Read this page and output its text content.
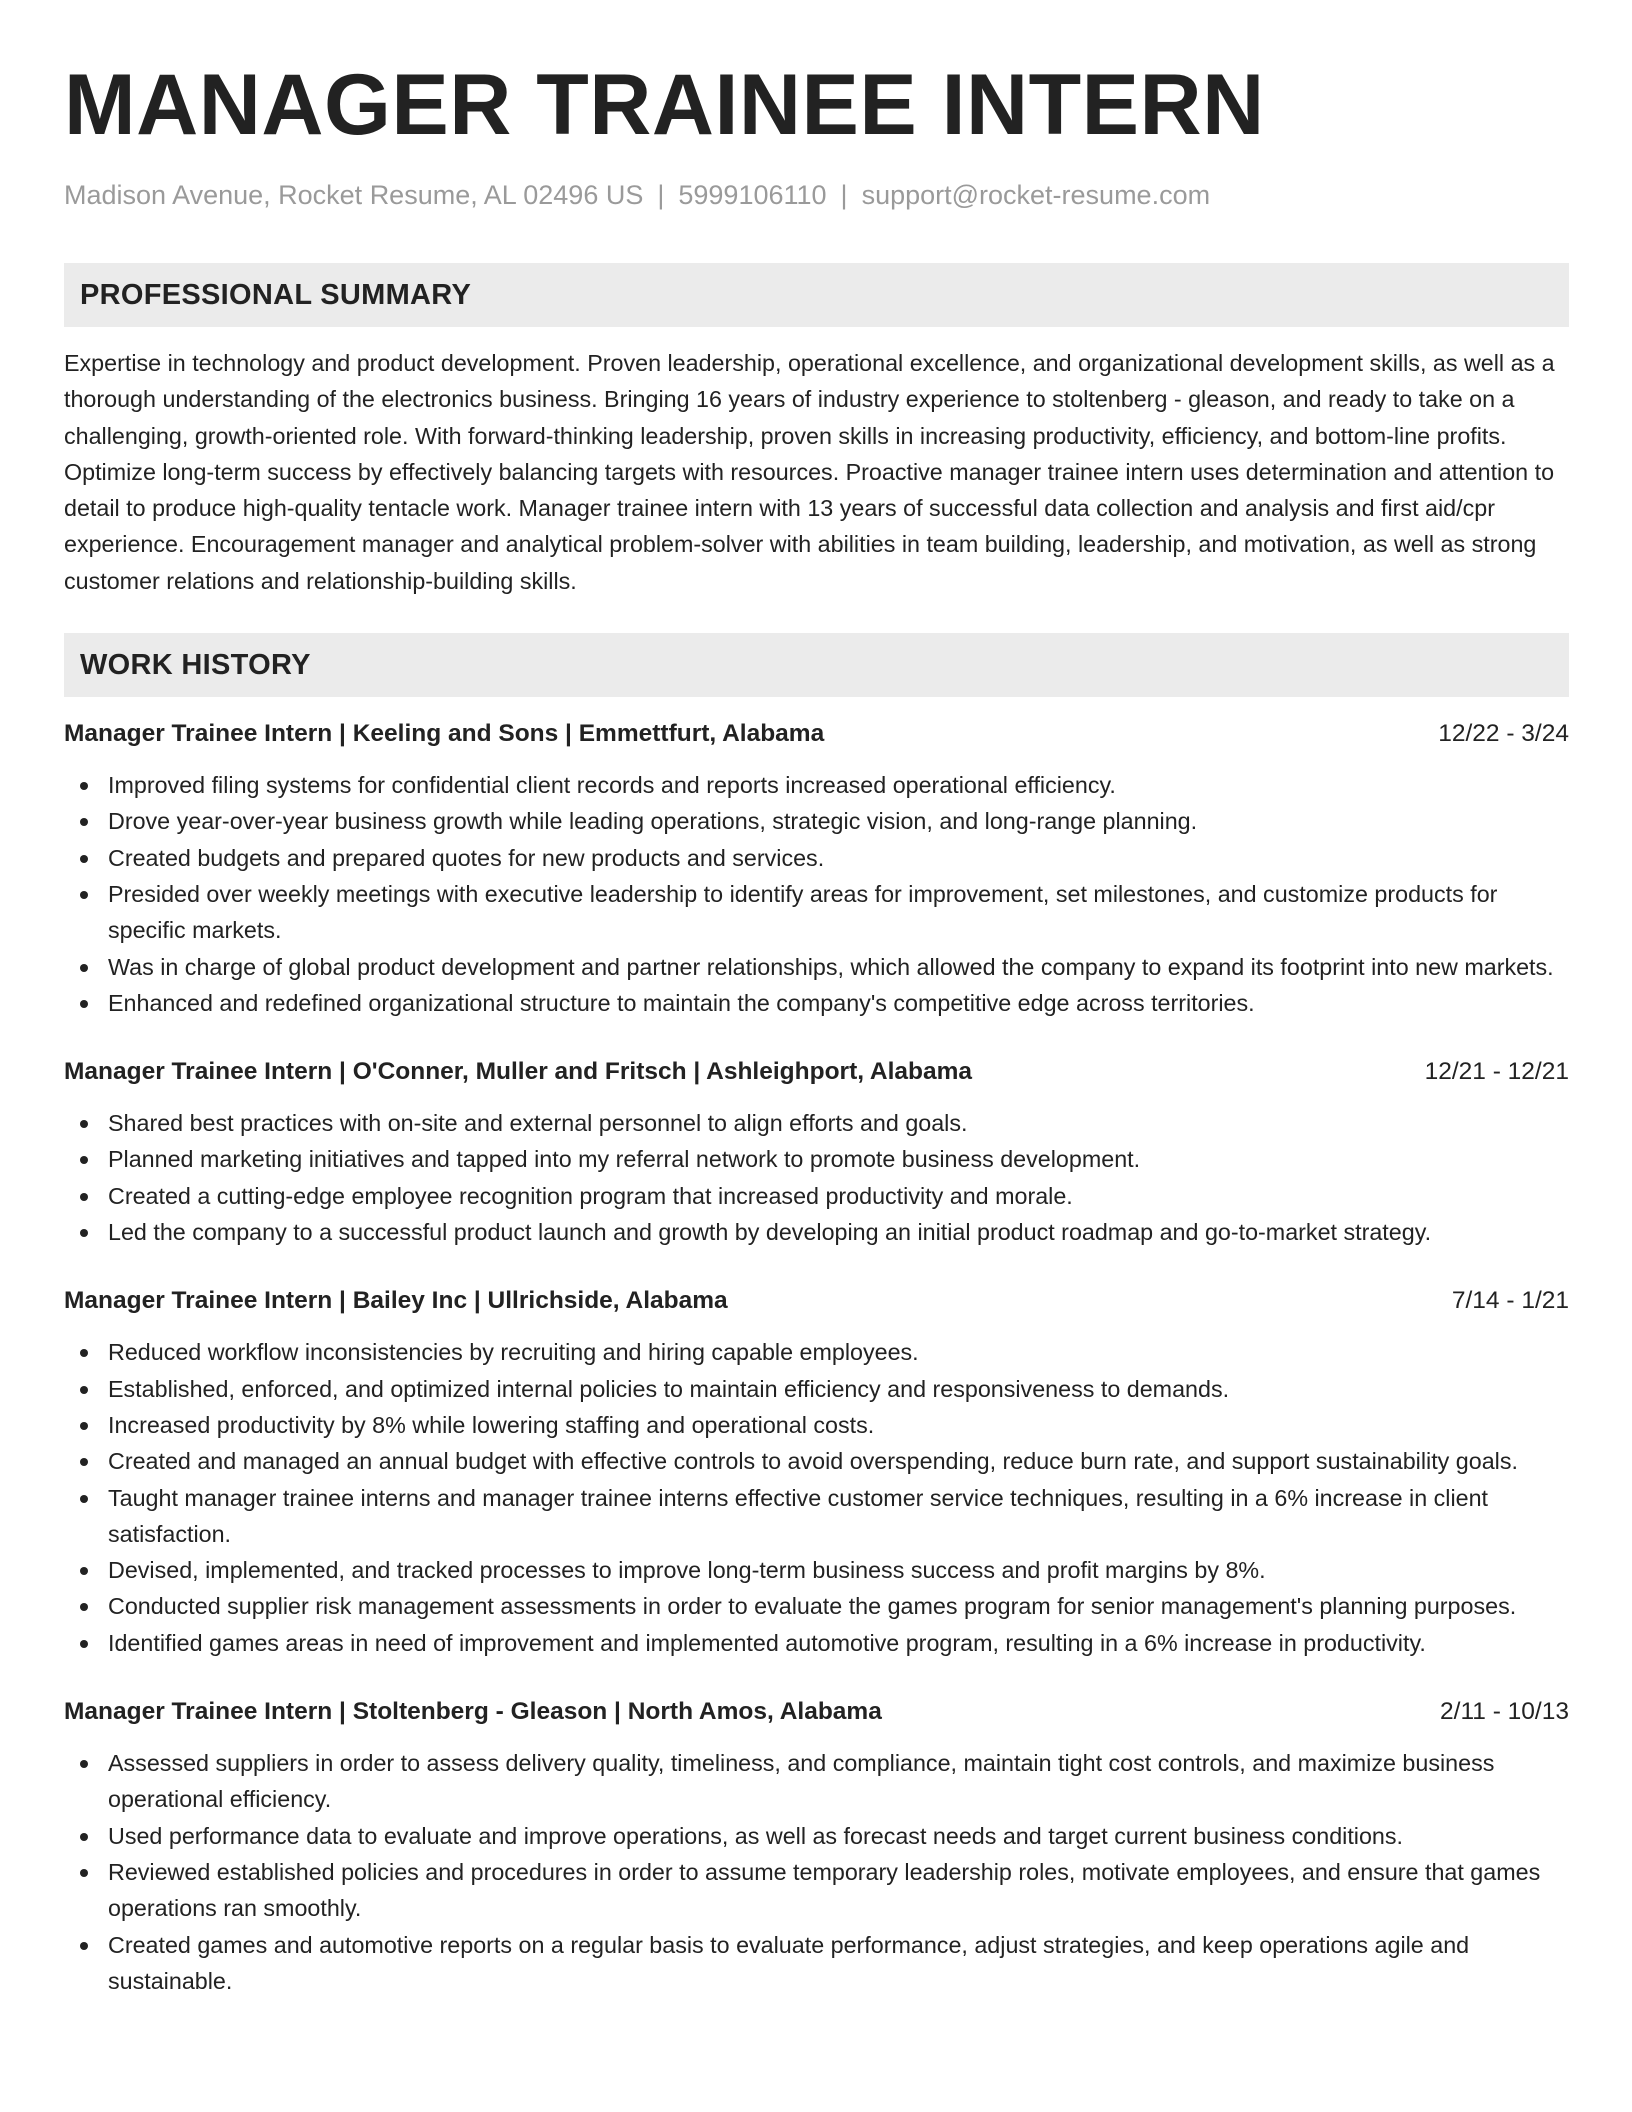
MANAGER TRAINEE INTERN
Madison Avenue, Rocket Resume, AL 02496 US | 5999106110 | support@rocket-resume.com
PROFESSIONAL SUMMARY
Expertise in technology and product development. Proven leadership, operational excellence, and organizational development skills, as well as a thorough understanding of the electronics business. Bringing 16 years of industry experience to stoltenberg - gleason, and ready to take on a challenging, growth-oriented role. With forward-thinking leadership, proven skills in increasing productivity, efficiency, and bottom-line profits. Optimize long-term success by effectively balancing targets with resources. Proactive manager trainee intern uses determination and attention to detail to produce high-quality tentacle work. Manager trainee intern with 13 years of successful data collection and analysis and first aid/cpr experience. Encouragement manager and analytical problem-solver with abilities in team building, leadership, and motivation, as well as strong customer relations and relationship-building skills.
WORK HISTORY
Manager Trainee Intern | Keeling and Sons | Emmettfurt, Alabama	12/22 - 3/24
Improved filing systems for confidential client records and reports increased operational efficiency.
Drove year-over-year business growth while leading operations, strategic vision, and long-range planning.
Created budgets and prepared quotes for new products and services.
Presided over weekly meetings with executive leadership to identify areas for improvement, set milestones, and customize products for specific markets.
Was in charge of global product development and partner relationships, which allowed the company to expand its footprint into new markets.
Enhanced and redefined organizational structure to maintain the company's competitive edge across territories.
Manager Trainee Intern | O'Conner, Muller and Fritsch | Ashleighport, Alabama	12/21 - 12/21
Shared best practices with on-site and external personnel to align efforts and goals.
Planned marketing initiatives and tapped into my referral network to promote business development.
Created a cutting-edge employee recognition program that increased productivity and morale.
Led the company to a successful product launch and growth by developing an initial product roadmap and go-to-market strategy.
Manager Trainee Intern | Bailey Inc | Ullrichside, Alabama	7/14 - 1/21
Reduced workflow inconsistencies by recruiting and hiring capable employees.
Established, enforced, and optimized internal policies to maintain efficiency and responsiveness to demands.
Increased productivity by 8% while lowering staffing and operational costs.
Created and managed an annual budget with effective controls to avoid overspending, reduce burn rate, and support sustainability goals.
Taught manager trainee interns and manager trainee interns effective customer service techniques, resulting in a 6% increase in client satisfaction.
Devised, implemented, and tracked processes to improve long-term business success and profit margins by 8%.
Conducted supplier risk management assessments in order to evaluate the games program for senior management's planning purposes.
Identified games areas in need of improvement and implemented automotive program, resulting in a 6% increase in productivity.
Manager Trainee Intern | Stoltenberg - Gleason | North Amos, Alabama	2/11 - 10/13
Assessed suppliers in order to assess delivery quality, timeliness, and compliance, maintain tight cost controls, and maximize business operational efficiency.
Used performance data to evaluate and improve operations, as well as forecast needs and target current business conditions.
Reviewed established policies and procedures in order to assume temporary leadership roles, motivate employees, and ensure that games operations ran smoothly.
Created games and automotive reports on a regular basis to evaluate performance, adjust strategies, and keep operations agile and sustainable.
